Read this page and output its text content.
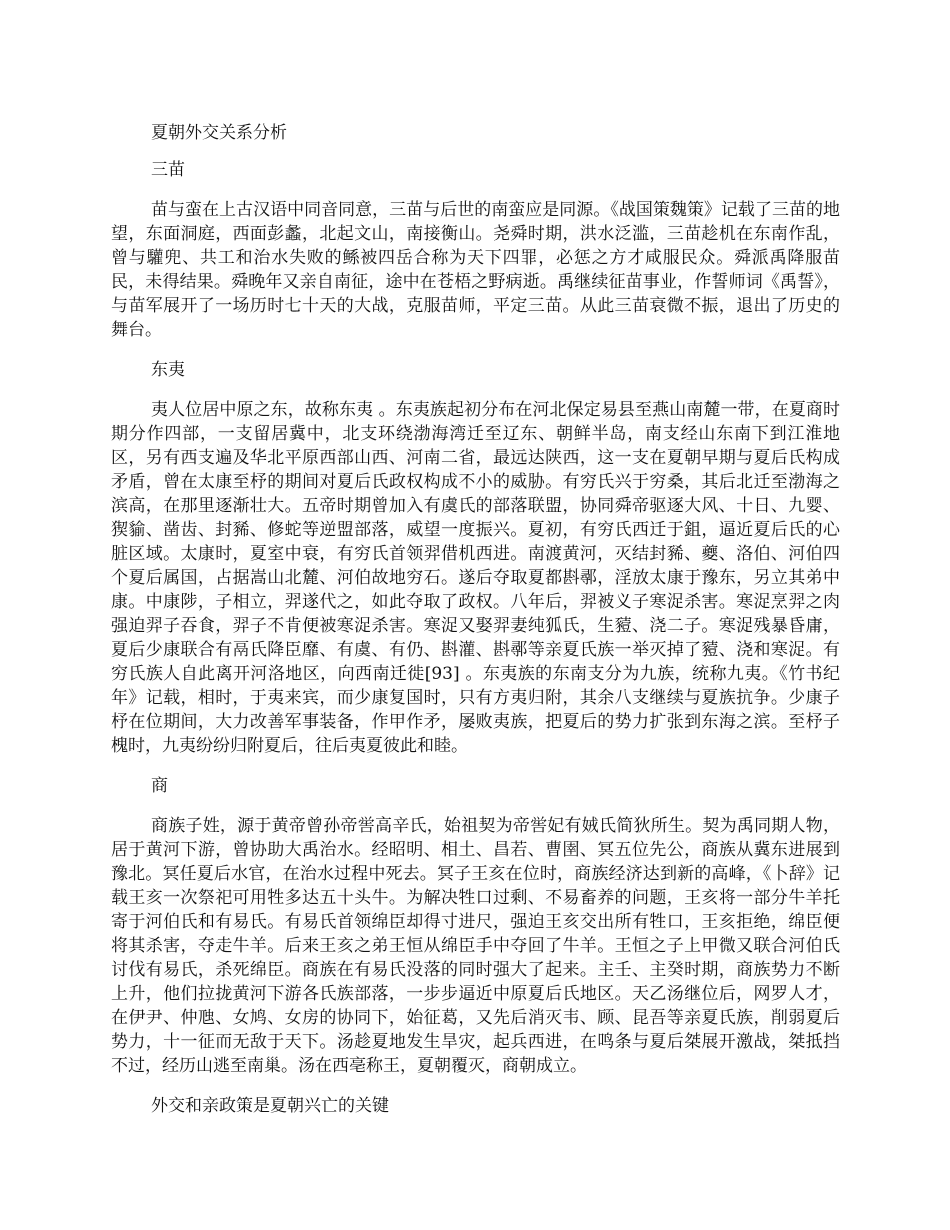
夏朝外交关系分析

三苗

苗与蛮在上古汉语中同音同意，三苗与后世的南蛮应是同源。《战国策魏策》记载了三苗的地望，东面洞庭，西面彭蠡，北起文山，南接衡山。尧舜时期，洪水泛滥，三苗趁机在东南作乱，曾与驩兜、共工和治水失败的鲧被四岳合称为天下四罪，必惩之方才咸服民众。舜派禹降服苗民，未得结果。舜晚年又亲自南征，途中在苍梧之野病逝。禹继续征苗事业，作誓师词《禹誓》，与苗军展开了一场历时七十天的大战，克服苗师，平定三苗。从此三苗衰微不振，退出了历史的舞台。

东夷

夷人位居中原之东，故称东夷 。东夷族起初分布在河北保定易县至燕山南麓一带，在夏商时期分作四部，一支留居冀中，北支环绕渤海湾迁至辽东、朝鲜半岛，南支经山东南下到江淮地区，另有西支遍及华北平原西部山西、河南二省，最远达陕西，这一支在夏朝早期与夏后氏构成矛盾，曾在太康至杼的期间对夏后氏政权构成不小的威胁。有穷氏兴于穷桑，其后北迁至渤海之滨高，在那里逐渐壮大。五帝时期曾加入有虞氏的部落联盟，协同舜帝驱逐大风、十日、九婴、猰貐、凿齿、封豨、修蛇等逆盟部落，威望一度振兴。夏初，有穷氏西迁于鉏，逼近夏后氏的心脏区域。太康时，夏室中衰，有穷氏首领羿借机西进。南渡黄河，灭结封豨、夔、洛伯、河伯四个夏后属国，占据嵩山北麓、河伯故地穷石。遂后夺取夏都斟鄩，淫放太康于豫东，另立其弟中康。中康陟，子相立，羿遂代之，如此夺取了政权。八年后，羿被义子寒浞杀害。寒浞烹羿之肉强迫羿子吞食，羿子不肯便被寒浞杀害。寒浞又娶羿妻纯狐氏，生豷、浇二子。寒浞残暴昏庸，夏后少康联合有鬲氏降臣靡、有虞、有仍、斟灌、斟鄩等亲夏氏族一举灭掉了豷、浇和寒浞。有穷氏族人自此离开河洛地区，向西南迁徙[93] 。东夷族的东南支分为九族，统称九夷。《竹书纪年》记载，相时，于夷来宾，而少康复国时，只有方夷归附，其余八支继续与夏族抗争。少康子杼在位期间，大力改善军事装备，作甲作矛，屡败夷族，把夏后的势力扩张到东海之滨。至杼子槐时，九夷纷纷归附夏后，往后夷夏彼此和睦。

商

商族子姓，源于黄帝曾孙帝喾高辛氏，始祖契为帝喾妃有娀氏简狄所生。契为禹同期人物，居于黄河下游，曾协助大禹治水。经昭明、相土、昌若、曹圉、冥五位先公，商族从冀东进展到豫北。冥任夏后水官，在治水过程中死去。冥子王亥在位时，商族经济达到新的高峰，《卜辞》记载王亥一次祭祀可用牲多达五十头牛。为解决牲口过剩、不易畜养的问题，王亥将一部分牛羊托寄于河伯氏和有易氏。有易氏首领绵臣却得寸进尺，强迫王亥交出所有牲口，王亥拒绝，绵臣便将其杀害，夺走牛羊。后来王亥之弟王恒从绵臣手中夺回了牛羊。王恒之子上甲微又联合河伯氏讨伐有易氏，杀死绵臣。商族在有易氏没落的同时强大了起来。主壬、主癸时期，商族势力不断上升，他们拉拢黄河下游各氏族部落，一步步逼近中原夏后氏地区。天乙汤继位后，网罗人才，在伊尹、仲虺、女鸠、女房的协同下，始征葛，又先后消灭韦、顾、昆吾等亲夏氏族，削弱夏后势力，十一征而无敌于天下。汤趁夏地发生旱灾，起兵西进，在鸣条与夏后桀展开激战，桀抵挡不过，经历山逃至南巢。汤在西亳称王，夏朝覆灭，商朝成立。

外交和亲政策是夏朝兴亡的关键
